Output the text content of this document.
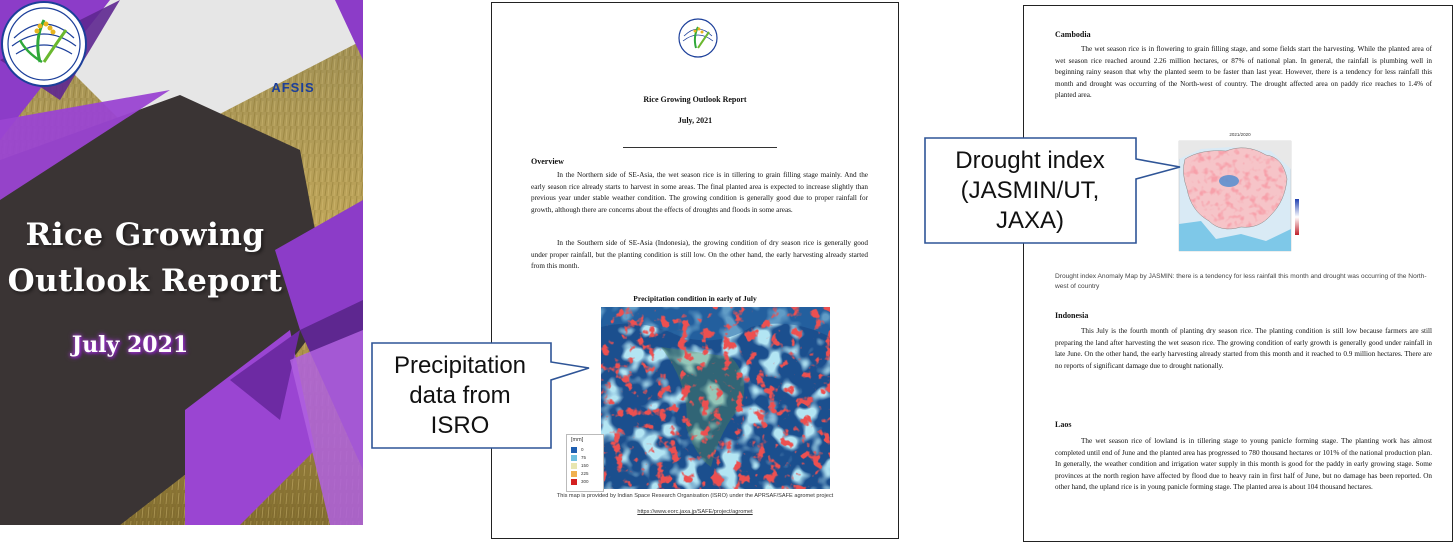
AFSIS
Rice Growing
Outlook Report
July 2021
Rice Growing Outlook Report
July, 2021
Overview

In the Northern side of SE-Asia, the wet season rice is in tillering to grain filling stage mainly. And the early season rice already starts to harvest in some areas. The final planted area is expected to increase slightly than previous year under stable weather condition. The growing condition is generally good due to proper rainfall for growth, although there are concerns about the effects of droughts and floods in some areas.

In the Southern side of SE-Asia (Indonesia), the growing condition of dry season rice is generally good under proper rainfall, but the planting condition is still low. On the other hand, the early harvesting already started from this month.

Precipitation condition in early of July
[mm]
0
75
150
225
300
This map is provided by Indian Space Research Organisation (ISRO) under the APRSAF/SAFE agromet project
https://www.eorc.jaxa.jp/SAFE/project/agromet
Cambodia

The wet season rice is in flowering to grain filling stage, and some fields start the harvesting. While the planted area of wet season rice reached around 2.26 million hectares, or 87% of national plan. In general, the rainfall is plumbing well in beginning rainy season that why the planted seem to be faster than last year. However, there is a tendency for less rainfall this month and drought was occurring of the North-west of country. The drought affected area on paddy rice reaches to 1.4% of planted area.

2021/2020
Drought index Anomaly Map by JASMIN: there is a tendency for less rainfall this month and drought was occurring of the North-west of country
Indonesia

This July is the fourth month of planting dry season rice. The planting condition is still low because farmers are still preparing the land after harvesting the wet season rice. The growing condition of early growth is generally good under rainfall in late June. On the other hand, the early harvesting already started from this month and it reached to 0.9 million hectares. There are no reports of significant damage due to drought nationally.

Laos

The wet season rice of lowland is in tillering stage to young panicle forming stage. The planting work has almost completed until end of June and the planted area has progressed to 780 thousand hectares or 101% of the national production plan. In generally, the weather condition and irrigation water supply in this month is good for the paddy in early growing stage. Some provinces at the north region have affected by flood due to heavy rain in first half of June, but no damage has been reported. On other hand, the upland rice is in young panicle forming stage. The planted area is about 104 thousand hectares.

Precipitation
data from
ISRO
Drought index
(JASMIN/UT,
JAXA)
